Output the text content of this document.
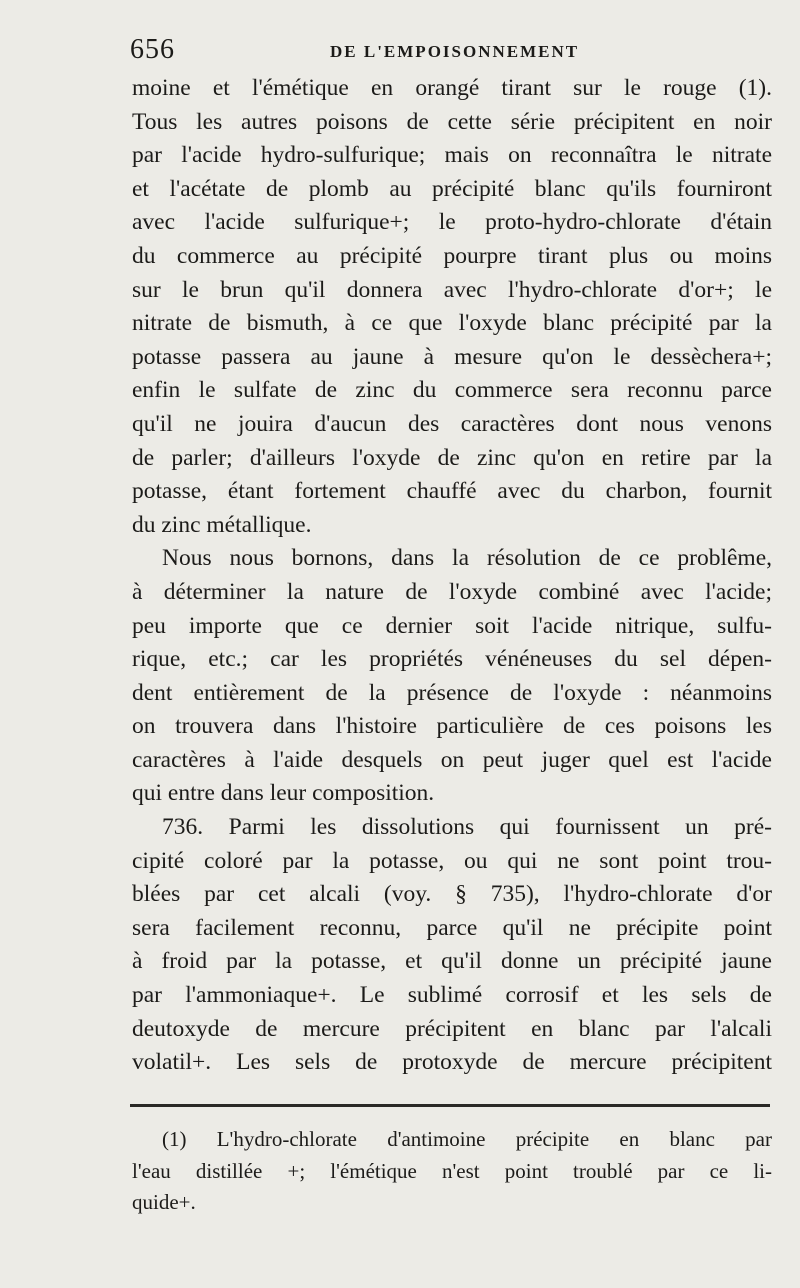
656	DE L'EMPOISONNEMENT
moine et l'émétique en orangé tirant sur le rouge (1).
Tous les autres poisons de cette série précipitent en noir
par l'acide hydro-sulfurique; mais on reconnaîtra le nitrate
et l'acétate de plomb au précipité blanc qu'ils fourniront
avec l'acide sulfurique+; le proto-hydro-chlorate d'étain
du commerce au précipité pourpre tirant plus ou moins
sur le brun qu'il donnera avec l'hydro-chlorate d'or+; le
nitrate de bismuth, à ce que l'oxyde blanc précipité par la
potasse passera au jaune à mesure qu'on le dessèchera+;
enfin le sulfate de zinc du commerce sera reconnu parce
qu'il ne jouira d'aucun des caractères dont nous venons
de parler; d'ailleurs l'oxyde de zinc qu'on en retire par la
potasse, étant fortement chauffé avec du charbon, fournit
du zinc métallique.
Nous nous bornons, dans la résolution de ce problême,
à déterminer la nature de l'oxyde combiné avec l'acide;
peu importe que ce dernier soit l'acide nitrique, sulfu-
rique, etc.; car les propriétés vénéneuses du sel dépen-
dent entièrement de la présence de l'oxyde : néanmoins
on trouvera dans l'histoire particulière de ces poisons les
caractères à l'aide desquels on peut juger quel est l'acide
qui entre dans leur composition.
736. Parmi les dissolutions qui fournissent un pré-
cipité coloré par la potasse, ou qui ne sont point trou-
blées par cet alcali (voy. § 735), l'hydro-chlorate d'or
sera facilement reconnu, parce qu'il ne précipite point
à froid par la potasse, et qu'il donne un précipité jaune
par l'ammoniaque+. Le sublimé corrosif et les sels de
deutoxyde de mercure précipitent en blanc par l'alcali
volatil+. Les sels de protoxyde de mercure précipitent
(1) L'hydro-chlorate d'antimoine précipite en blanc par
l'eau distillée +; l'émétique n'est point troublé par ce li-
quide+.
